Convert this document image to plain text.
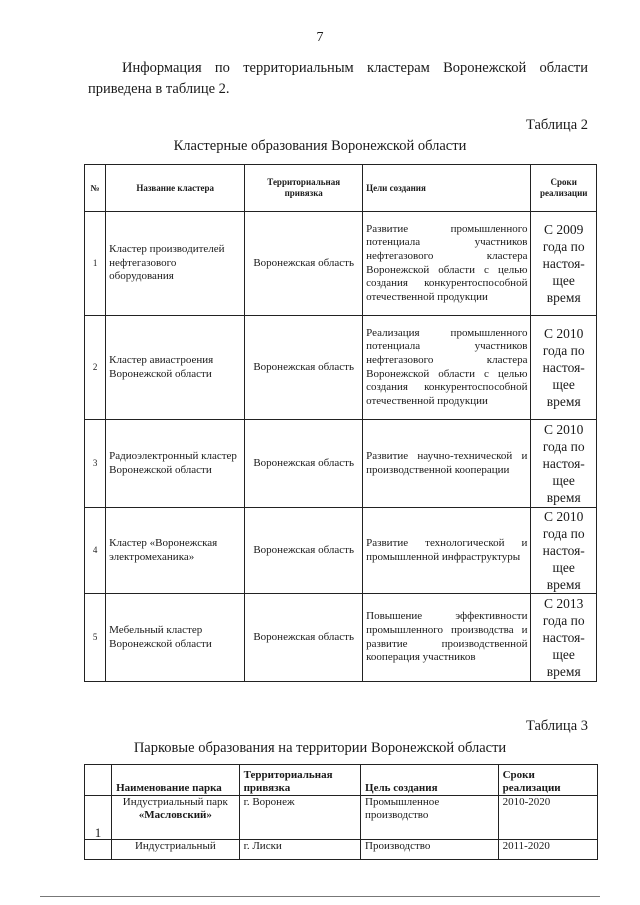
7
Информация по территориальным кластерам Воронежской области
приведена в таблице 2.
Таблица 2
Кластерные образования Воронежской области
№	Название кластера	Территориальная привязка	Цели создания	Сроки реализации
1	Кластер производителей нефтегазового оборудования	Воронежская область	Развитие промышленного потенциала участников нефтегазового кластера Воронежской области с целью создания конкурентоспособной отечественной продукции	С 2009 года по настоя-щее время
2	Кластер авиастроения Воронежской области	Воронежская область	Реализация промышленного потенциала участников нефтегазового кластера Воронежской области с целью создания конкурентоспособной отечественной продукции	С 2010 года по настоя-щее время
3	Радиоэлектронный кластер Воронежской области	Воронежская область	Развитие научно-технической и производственной кооперации	С 2010 года по настоя-щее время
4	Кластер «Воронежская электромеханика»	Воронежская область	Развитие технологической и промышленной инфраструктуры	С 2010 года по настоя-щее время
5	Мебельный кластер Воронежской области	Воронежская область	Повышение эффективности промышленного производства и развитие производственной кооперация участников	С 2013 года по настоя-щее время
Таблица 3
Парковые образования на территории Воронежской области
	Наименование парка	Территориальная привязка	Цель создания	Сроки реализации
1	Индустриальный парк «Масловский»	г. Воронеж	Промышленное производство	2010-2020

	Индустриальный	г. Лиски	Производство	2011-2020
